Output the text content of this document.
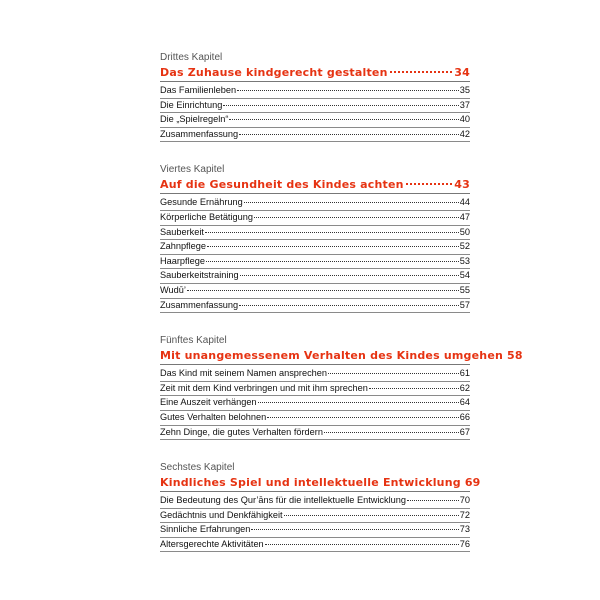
Drittes Kapitel
Das Zuhause kindgerecht gestalten	34
Das Familienleben	35
Die Einrichtung	37
Die „Spielregeln“	40
Zusammenfassung	42
Viertes Kapitel
Auf die Gesundheit des Kindes achten	43
Gesunde Ernährung	44
Körperliche Betätigung	47
Sauberkeit	50
Zahnpflege	52
Haarpflege	53
Sauberkeitstraining	54
Wudū’	55
Zusammenfassung	57
Fünftes Kapitel
Mit unangemessenem Verhalten des Kindes umgehen 58
Das Kind mit seinem Namen ansprechen	61
Zeit mit dem Kind verbringen und mit ihm sprechen	62
Eine Auszeit verhängen	64
Gutes Verhalten belohnen	66
Zehn Dinge, die gutes Verhalten fördern	67
Sechstes Kapitel
Kindliches Spiel und intellektuelle Entwicklung 69
Die Bedeutung des Qur’āns für die intellektuelle Entwicklung	70
Gedächtnis und Denkfähigkeit	72
Sinnliche Erfahrungen	73
Altersgerechte Aktivitäten	76
